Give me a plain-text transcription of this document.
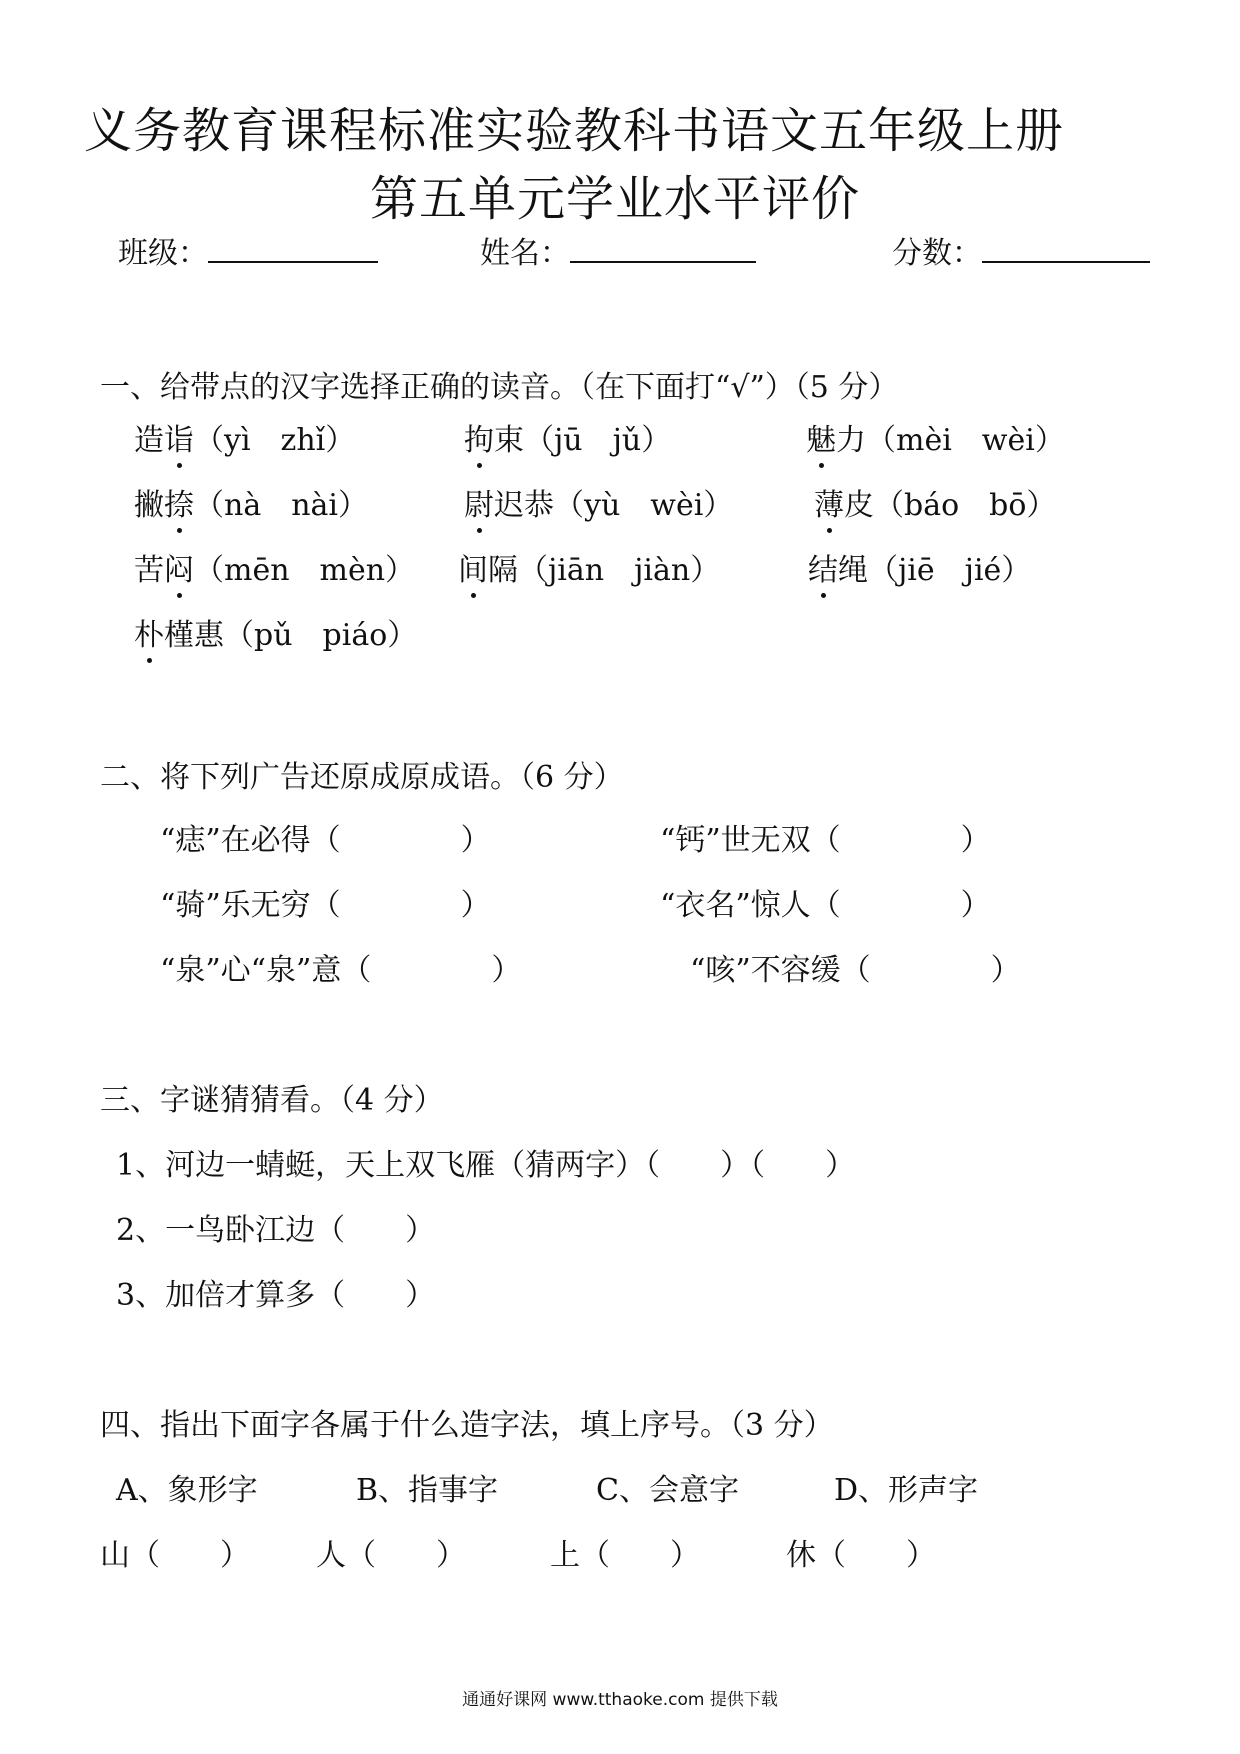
义务教育课程标准实验教科书语文五年级上册
第五单元学业水平评价
班级：	姓名：	分数：
一、给带点的汉字选择正确的读音。（在下面打“√”）（5 分）
造诣（yì　zhǐ）	拘束（jū　jǔ）	魅力（mèi　wèi）
撇捺（nà　nài）	尉迟恭（yù　wèi）	薄皮（báo　bō）
苦闷（mēn　mèn） 间隔（jiān　jiàn）	结绳（jiē　jié）
朴槿惠（pǔ　piáo）
二、将下列广告还原成原成语。（6 分）
“痣”在必得（　　　　）	“钙”世无双（　　　　）
“骑”乐无穷（　　　　）	“衣名”惊人（　　　　）
“泉”心“泉”意（　　　　）	“咳”不容缓（　　　　）
三、字谜猜猜看。（4 分）
1、河边一蜻蜓，天上双飞雁（猜两字）（　　）（　　）
2、一鸟卧江边（　　）
3、加倍才算多（　　）
四、指出下面字各属于什么造字法，填上序号。（3 分）
A、象形字	B、指事字	C、会意字	D、形声字
山（　　） 人（　　）	上（　　）	休（　　）
通通好课网 www.tthaoke.com 提供下载
